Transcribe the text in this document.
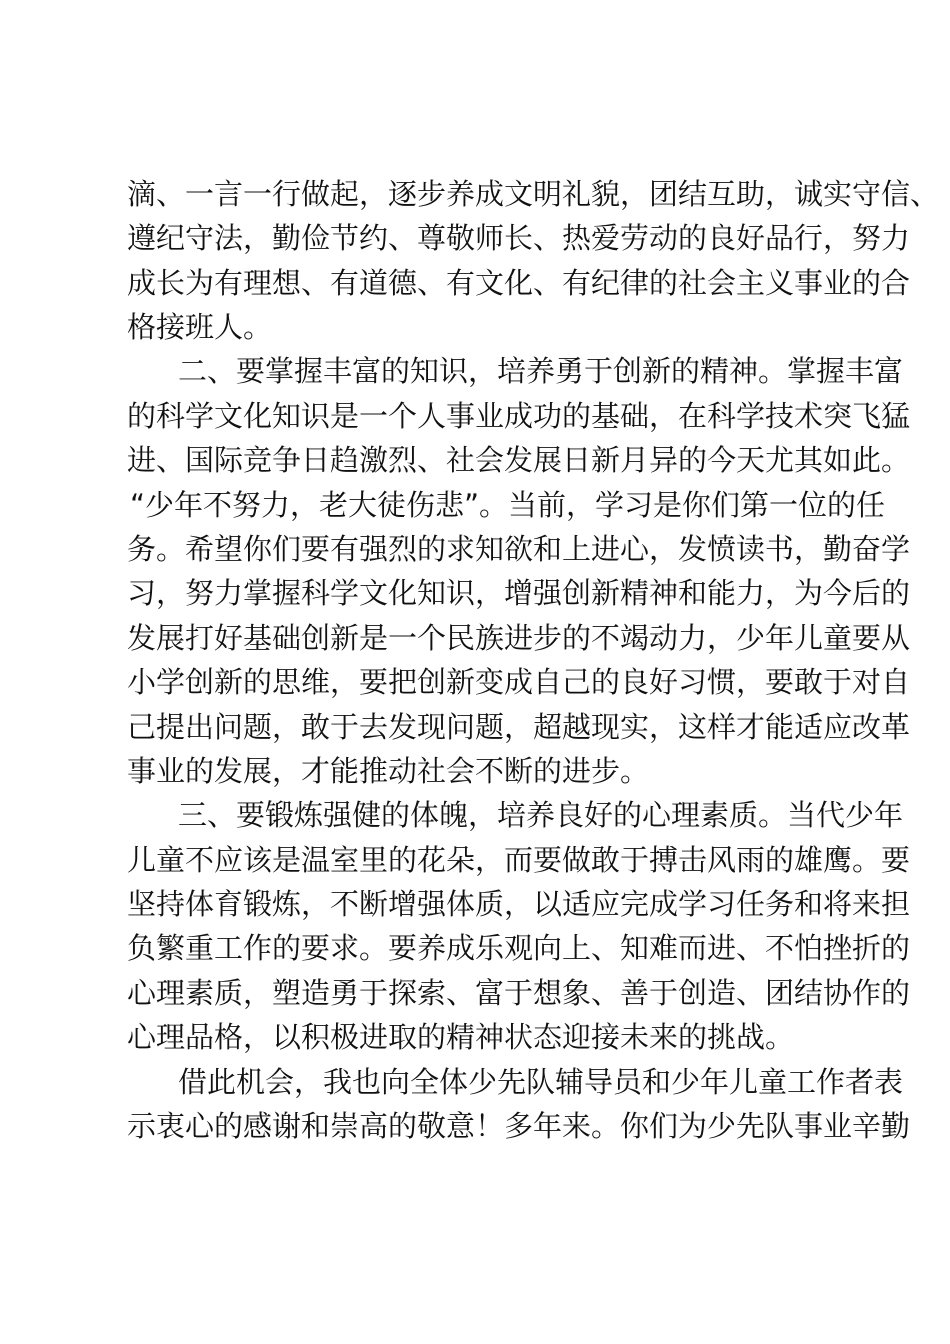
滴、一言一行做起，逐步养成文明礼貌，团结互助，诚实守信、
遵纪守法，勤俭节约、尊敬师长、热爱劳动的良好品行，努力
成长为有理想、有道德、有文化、有纪律的社会主义事业的合
格接班人。
二、要掌握丰富的知识，培养勇于创新的精神。掌握丰富
的科学文化知识是一个人事业成功的基础，在科学技术突飞猛
进、国际竞争日趋激烈、社会发展日新月异的今天尤其如此。
“少年不努力，老大徒伤悲”。当前，学习是你们第一位的任
务。希望你们要有强烈的求知欲和上进心，发愤读书，勤奋学
习，努力掌握科学文化知识，增强创新精神和能力，为今后的
发展打好基础创新是一个民族进步的不竭动力，少年儿童要从
小学创新的思维，要把创新变成自己的良好习惯，要敢于对自
己提出问题，敢于去发现问题，超越现实，这样才能适应改革
事业的发展，才能推动社会不断的进步。
三、要锻炼强健的体魄，培养良好的心理素质。当代少年
儿童不应该是温室里的花朵，而要做敢于搏击风雨的雄鹰。要
坚持体育锻炼，不断增强体质，以适应完成学习任务和将来担
负繁重工作的要求。要养成乐观向上、知难而进、不怕挫折的
心理素质，塑造勇于探索、富于想象、善于创造、团结协作的
心理品格，以积极进取的精神状态迎接未来的挑战。
借此机会，我也向全体少先队辅导员和少年儿童工作者表
示衷心的感谢和崇高的敬意！多年来。你们为少先队事业辛勤
